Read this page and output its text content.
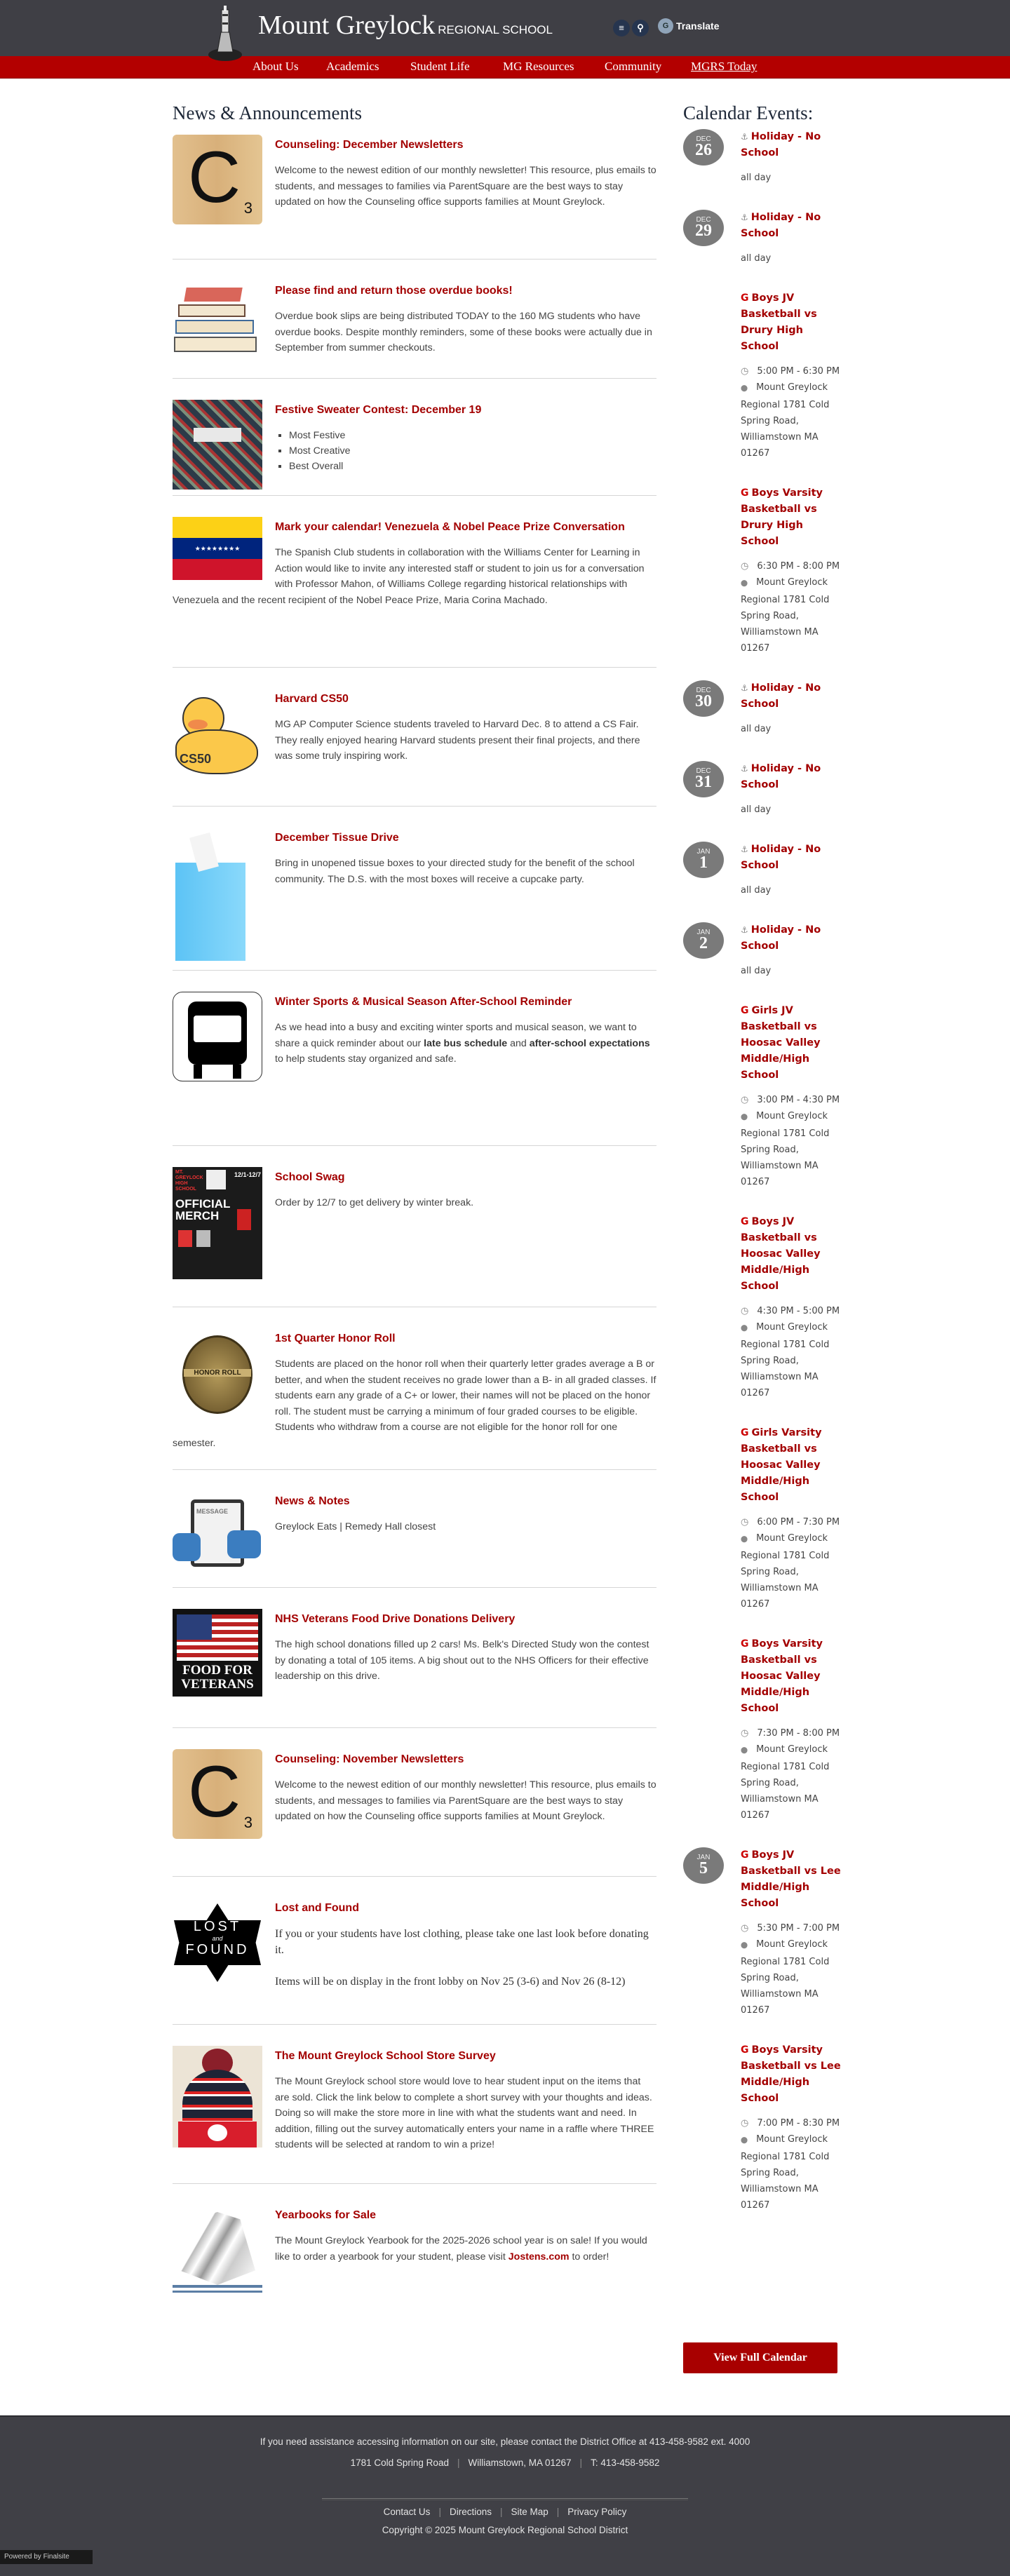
Mount Greylock REGIONAL SCHOOL	≡	⚲	G Translate
About Us Academics	Student Life	MG Resources	Community MGRS Today
News & Announcements
C 3
Counseling: December Newsletters

Welcome to the newest edition of our monthly newsletter! This resource, plus emails to students, and messages to families via ParentSquare are the best ways to stay updated on how the Counseling office supports families at Mount Greylock.

Please find and return those overdue books!

Overdue book slips are being distributed TODAY to the 160 MG students who have overdue books. Despite monthly reminders, some of these books were actually due in September from summer checkouts.

Festive Sweater Contest: December 19
▪ Most Festive
▪ Most Creative
▪ Best Overall
★★★★★★★★
Mark your calendar! Venezuela & Nobel Peace Prize Conversation

The Spanish Club students in collaboration with the Williams Center for Learning in Action would like to invite any interested staff or student to join us for a conversation with Professor Mahon, of Williams College regarding historical relationships with Venezuela and the recent recipient of the Nobel Peace Prize, Maria Corina Machado.

CS50
Harvard CS50

MG AP Computer Science students traveled to Harvard Dec. 8 to attend a CS Fair. They really enjoyed hearing Harvard students present their final projects, and there was some truly inspiring work.

December Tissue Drive

Bring in unopened tissue boxes to your directed study for the benefit of the school community. The D.S. with the most boxes will receive a cupcake party.

Winter Sports & Musical Season After-School Reminder

As we head into a busy and exciting winter sports and musical season, we want to share a quick reminder about our late bus schedule and after-school expectations to help students stay organized and safe.

MT. GREYLOCK HIGH SCHOOL
12/1-12/7
OFFICIAL MERCH
School Swag

Order by 12/7 to get delivery by winter break.

HONOR ROLL
1st Quarter Honor Roll

Students are placed on the honor roll when their quarterly letter grades average a B or better, and when the student receives no grade lower than a B- in all graded classes. If students earn any grade of a C+ or lower, their names will not be placed on the honor roll. The student must be carrying a minimum of four graded courses to be eligible. Students who withdraw from a course are not eligible for the honor roll for one semester.

MESSAGE
News & Notes

Greylock Eats | Remedy Hall closest

FOOD FOR
VETERANS
NHS Veterans Food Drive Donations Delivery

The high school donations filled up 2 cars! Ms. Belk's Directed Study won the contest by donating a total of 105 items. A big shout out to the NHS Officers for their effective leadership on this drive.

C 3
Counseling: November Newsletters

Welcome to the newest edition of our monthly newsletter! This resource, plus emails to students, and messages to families via ParentSquare are the best ways to stay updated on how the Counseling office supports families at Mount Greylock.

LOST
and
FOUND
Lost and Found

If you or your students have lost clothing, please take one last look before donating it.

Items will be on display in the front lobby on Nov 25 (3-6) and Nov 26 (8-12)

The Mount Greylock School Store Survey

The Mount Greylock school store would love to hear student input on the items that are sold. Click the link below to complete a short survey with your thoughts and ideas. Doing so will make the store more in line with what the students want and need. In addition, filling out the survey automatically enters your name in a raffle where THREE students will be selected at random to win a prize!

Yearbooks for Sale

The Mount Greylock Yearbook for the 2025-2026 school year is on sale! If you would like to order a yearbook for your student, please visit Jostens.com to order!

Calendar Events:
DEC
26
⚓ Holiday - No School
all day
DEC
29
⚓ Holiday - No School
all day
G Boys JV Basketball vs Drury High School
◷ 5:00 PM - 6:30 PM
⬤ Mount Greylock Regional 1781 Cold Spring Road, Williamstown MA 01267
G Boys Varsity Basketball vs Drury High School
◷ 6:30 PM - 8:00 PM
⬤ Mount Greylock Regional 1781 Cold Spring Road, Williamstown MA 01267
DEC
30
⚓ Holiday - No School
all day
DEC
31
⚓ Holiday - No School
all day
JAN
1
⚓ Holiday - No School
all day
JAN
2
⚓ Holiday - No School
all day
G Girls JV Basketball vs Hoosac Valley Middle/High School
◷ 3:00 PM - 4:30 PM
⬤ Mount Greylock Regional 1781 Cold Spring Road, Williamstown MA 01267
G Boys JV Basketball vs Hoosac Valley Middle/High School
◷ 4:30 PM - 5:00 PM
⬤ Mount Greylock Regional 1781 Cold Spring Road, Williamstown MA 01267
G Girls Varsity Basketball vs Hoosac Valley Middle/High School
◷ 6:00 PM - 7:30 PM
⬤ Mount Greylock Regional 1781 Cold Spring Road, Williamstown MA 01267
G Boys Varsity Basketball vs Hoosac Valley Middle/High School
◷ 7:30 PM - 8:00 PM
⬤ Mount Greylock Regional 1781 Cold Spring Road, Williamstown MA 01267
JAN
5
G Boys JV Basketball vs Lee Middle/High School
◷ 5:30 PM - 7:00 PM
⬤ Mount Greylock Regional 1781 Cold Spring Road, Williamstown MA 01267
G Boys Varsity Basketball vs Lee Middle/High School
◷ 7:00 PM - 8:30 PM
⬤ Mount Greylock Regional 1781 Cold Spring Road, Williamstown MA 01267
View Full Calendar
If you need assistance accessing information on our site, please contact the District Office at 413-458-9582 ext. 4000
1781 Cold Spring Road | Williamstown, MA 01267 | T: 413-458-9582
Contact Us | Directions | Site Map | Privacy Policy
Copyright © 2025 Mount Greylock Regional School District
Powered by Finalsite
